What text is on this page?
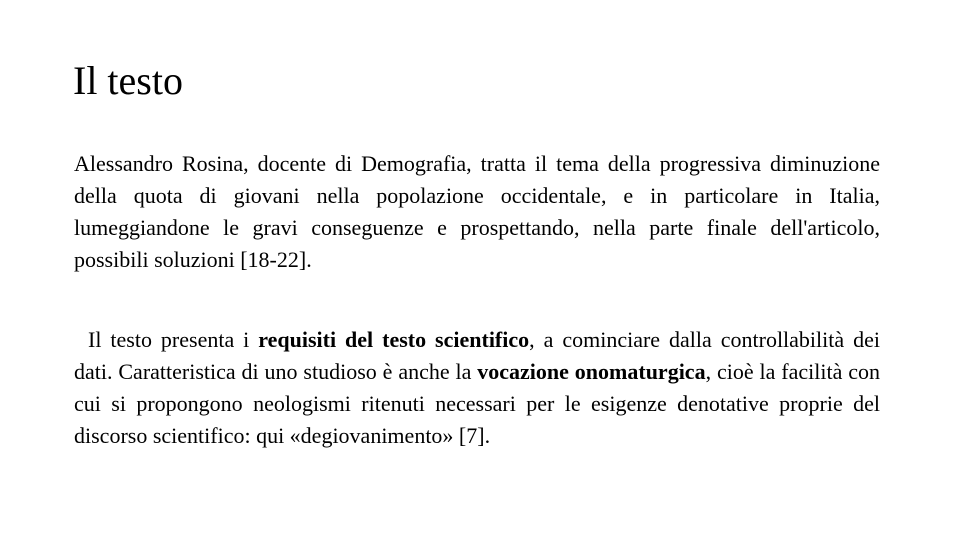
Il testo

Alessandro Rosina, docente di Demografia, tratta il tema della progressiva diminuzione della quota di giovani nella popolazione occidentale, e in particolare in Italia, lumeggiandone le gravi conseguenze e prospettando, nella parte finale dell'articolo, possibili soluzioni [18-22].

Il testo presenta i requisiti del testo scientifico, a cominciare dalla controllabilità dei dati. Caratteristica di uno studioso è anche la vocazione onomaturgica, cioè la facilità con cui si propongono neologismi ritenuti necessari per le esigenze denotative proprie del discorso scientifico: qui «degiovanimento» [7].
